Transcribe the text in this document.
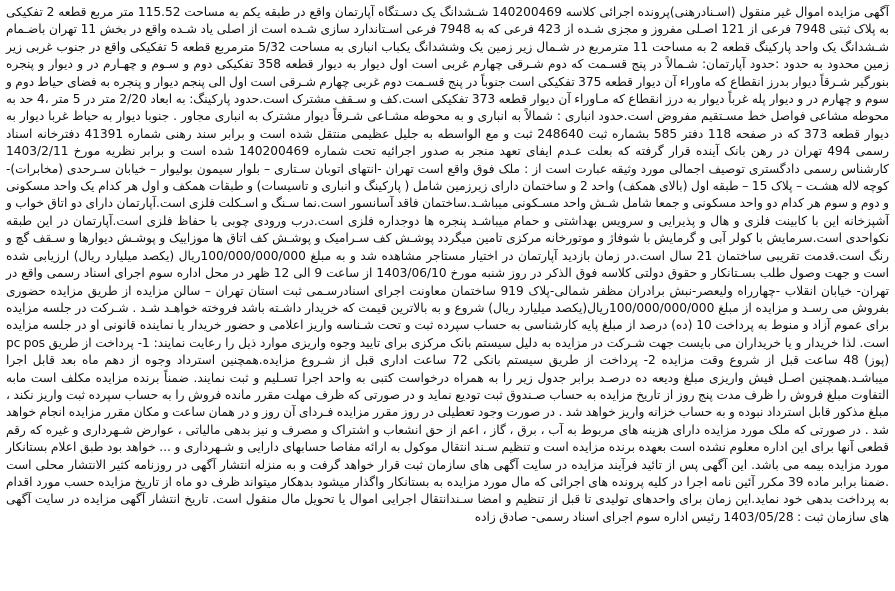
آگهی مزایده اموال غیر منقول (اسـنادرهنی)پرونده اجرائی کلاسه 140200469 شـشدانگ یک دسـتگاه آپارتمان واقع در طبقه یکم به مساحت 115.52 متر مربع قطعه 2 تفکیکی به پلاک ثبتی 7948 فرعی از 121 اصـلی مفروز و مجزی شـده از 423 فرعی که به 7948 فرعی اسـتاندارد سازی شـده است از اصلی یاد شـده واقع در بخش 11 تهران باضـمام شـشدانگ یک واحد پارکینگ قطعه 2 به مساحت 11 مترمربع در شـمال زیر زمین یک وششدانگ یکباب انباری به مساحت 5/32 مترمربع قطعه 5 تفکیکی واقع در جنوب غربی زیر زمین محدود به حدود :حدود آپارتمان: شـمالاً در پنج قسـمت که دوم شـرقی چهارم غربی است اول دیوار به دیوار قطعه 358 تفکیکی دوم و سـوم و چهـارم در و دیوار و پنجره بنورگیر شـرقاً دیوار بدرز انقطاع که ماوراء آن دیوار قطعه 375 تفکیکی است جنوباً در پنج قسـمت دوم غربی چهارم شـرقی است اول الی پنجم دیوار و پنجره به فضای حیاط دوم و سوم و چهارم در و دیوار پله غرباً دیوار به درز انقطاع که مـاوراء آن دیوار قطعه 373 تفکیکی است.کف و سـقف مشترک است.حدود پارکینگ: به ابعاد 2/20 متر در 5 متر ،4 حد به محوطه مشاعی فواصل خط مسـتقیم مفروض است.حدود انباری : شمالاً به انباری و به محوطه مشـاعی شـرقاً دیوار مشترک به انباری مجاور . جنوبا دیوار به حیاط غربا دیوار به دیوار قطعه 373 که در صفحه 118 دفتر 585 بشماره ثبت 248640 ثبت و مع الواسطه به جلیل عظیمی منتقل شده است و برابر سند رهنی شماره 41391 دفترخانه اسناد رسمی 494 تهران در رهن بانک آینده قرار گرفته که بعلت عـدم ایفای تعهد منجر به صدور اجرائیه تحت شماره 140200469 شده است و برابر نظریه مورخ 1403/2/11 کارشناس رسمی دادگستری توصیف اجمالی مورد وثیقه عبارت است از : ملک فوق واقع است تهران -انتهای اتوبان سـتاری – بلوار سیمون بولیوار – خیابان سـرحدی (مخابرات)-کوچه لاله هشـت – پلاک 15 – طبقه اول (بالای همکف) واحد 2 و ساختمان دارای زیرزمین شامل ( پارکینگ و انباری و تاسیسات) و طبقات همکف و اول هر کدام یک واحد مسکونی و دوم و سوم هر کدام دو واحد مسکونی و جمعا شامل شـش واحد مسـکونی میباشـد.ساختمان فاقد آسانسور است.نما سـنگ و اسـکلت فلزی است.آپارتمان دارای دو اتاق خواب و آشپزخانه این با کابینت فلزی و هال و پذیرایی و سرویس بهداشتی و حمام میباشـد پنجره ها دوجداره فلزی است.درب ورودی چوبی با حفاظ فلزی است.آپارتمان در این طبقه نکواحدی است.سرمایش با کولر آبی و گرمایش با شوفاژ و موتورخانه مرکزی تامین میگردد پوشـش کف سـرامیک و پوشـش کف اتاق ها موزاییک و پوشـش دیوارها و سـقف گچ و رنگ است.قدمت تقریبی ساختمان 21 سال است.در زمان بازدید آپارتمان در اختیار مستاجر مشاهده شد و به مبلغ 100/000/000/000ریال (یکصد میلیارد ریال) ارزیابی شده است و جهت وصول طلب بسـتانکار و حقوق دولتی کلاسه فوق الذکر در روز شنبه مورخ 1403/06/10 از ساعت 9 الی 12 ظهر در محل اداره سوم اجرای اسناد رسمی واقع در تهران- خیابان انقلاب -چهارراه ولیعصر-نبش برادران مظفر شمالی-پلاک 919 ساختمان معاونت اجرای اسنادرسـمی ثبت استان تهران – سالن مزایده از طریق مزایده حضوری بفروش می رسـد و مزایده از مبلغ 100/000/000/000ریال(یکصد میلیارد ریال) شروع و به بالاترین قیمت که خریدار داشـته باشد فروخته خواهـد شـد . شـرکت در جلسه مزایده برای عموم آزاد و منوط به پرداخت 10 (ده) درصد از مبلغ پایه کارشناسی به حساب سپرده ثبت و تحت شـناسه واریز اعلامی و حضور خریدار یا نماینده قانونی او در جلسه مزایده است. لذا خریدار و یا خریداران می بایست جهت شـرکت در مزایده به دلیل سیستم بانک مرکزی برای تایید وجوه واریزی موارد ذیل را رعایت نمایند: 1- پرداخت از طریق pc pos (پوز) 48 ساعت قبل از شروع وقت مزایده 2- پرداخت از طریق سیستم بانکی 72 ساعت اداری قبل از شـروع مزایده.همچنین استرداد وجوه از دهم ماه بعد قابل اجرا میباشـد.همچنین اصـل فیش واریزی مبلغ ودیعه ده درصـد برابر جدول زیر را به همراه درخواست کتبی به واحد اجرا تسـلیم و ثبت نمایند. ضمناً برنده مزایده مکلف است مابه التفاوت مبلغ فروش را ظرف مدت پنج روز از تاریخ مزایده به حساب صـندوق ثبت تودیع نماید و در صورتی که ظرف مهلت مقرر مانده فروش را به حساب سپرده ثبت واریز نکند ، مبلغ مذکور قابل استرداد نبوده و به حساب خزانه واریز خواهد شد . در صورت وجود تعطیلی در روز مقرر مزایده فـردای آن روز و در همان ساعت و مکان مقرر مزایده انجام خواهد شد . در صورتی که ملک مورد مزایده دارای هزینه های مربوط به آب ، برق ، گاز ، اعم از حق انشعاب و اشتراک و مصرف و نیز بدهی مالیاتی ، عوارض شـهرداری و غیره که رقم قطعی آنها برای این اداره معلوم نشده است بعهده برنده مزایده است و تنظیم سـند انتقال موکول به ارائه مفاصا حسابهای دارایی و شـهرداری و ... خواهد بود طبق اعلام بستانکار مورد مزایده بیمه می باشد. این آگهی پس از تائید فرآیند مزایده در سایت آگهی های سازمان ثبت قرار خواهد گرفت و به منزله انتشار آگهی در روزنامه کثیر الانتشار محلی است .ضمنا برابر ماده 39 مکرر آئین نامه اجرا در کلیه پرونده های اجرائی که مال مورد مزایده به بستانکار واگذار میشود بدهکار میتواند ظرف دو ماه از تاریخ مزایده حسب مورد اقدام به پرداخت بدهی خود نماید.این زمان برای واحدهای تولیدی تا قبل از تنظیم و امضا سـندانتقال اجرایی اموال یا تحویل مال منقول است. تاریخ انتشار آگهی مزایده در سایت آگهی های سازمان ثبت : 1403/05/28 رئیس اداره سوم اجرای اسناد رسمی- صادق زاده
